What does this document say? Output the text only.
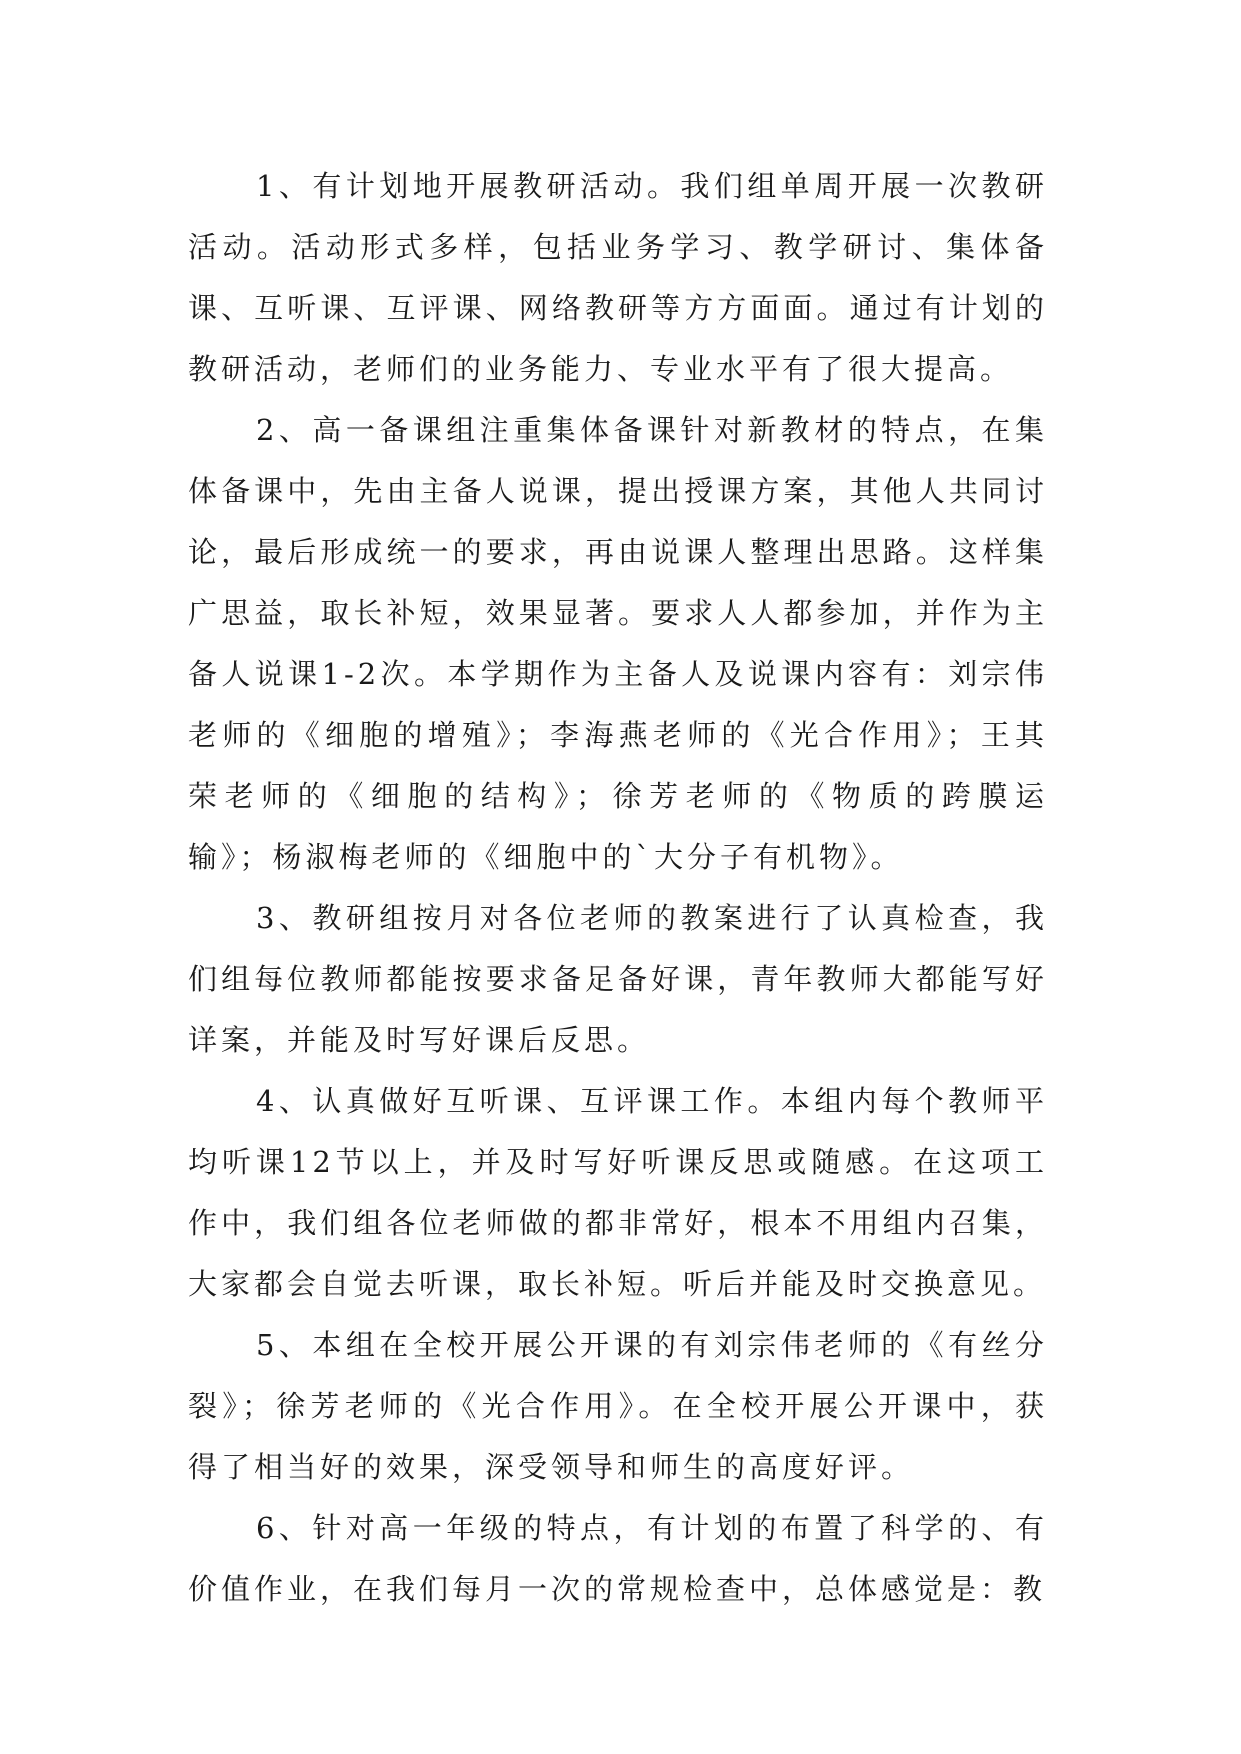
1、有计划地开展教研活动。我们组单周开展一次教研活动。活动形式多样，包括业务学习、教学研讨、集体备课、互听课、互评课、网络教研等方方面面。通过有计划的教研活动，老师们的业务能力、专业水平有了很大提高。

2、高一备课组注重集体备课针对新教材的特点，在集体备课中，先由主备人说课，提出授课方案，其他人共同讨论，最后形成统一的要求，再由说课人整理出思路。这样集广思益，取长补短，效果显著。要求人人都参加，并作为主备人说课1-2次。本学期作为主备人及说课内容有：刘宗伟老师的《细胞的增殖》；李海燕老师的《光合作用》；王其荣老师的《细胞的结构》；徐芳老师的《物质的跨膜运输》；杨淑梅老师的《细胞中的`大分子有机物》。

3、教研组按月对各位老师的教案进行了认真检查，我们组每位教师都能按要求备足备好课，青年教师大都能写好详案，并能及时写好课后反思。

4、认真做好互听课、互评课工作。本组内每个教师平均听课12节以上，并及时写好听课反思或随感。在这项工作中，我们组各位老师做的都非常好，根本不用组内召集，大家都会自觉去听课，取长补短。听后并能及时交换意见。

5、本组在全校开展公开课的有刘宗伟老师的《有丝分裂》；徐芳老师的《光合作用》。在全校开展公开课中，获得了相当好的效果，深受领导和师生的高度好评。

6、针对高一年级的特点，有计划的布置了科学的、有价值作业，在我们每月一次的常规检查中，总体感觉是：教
